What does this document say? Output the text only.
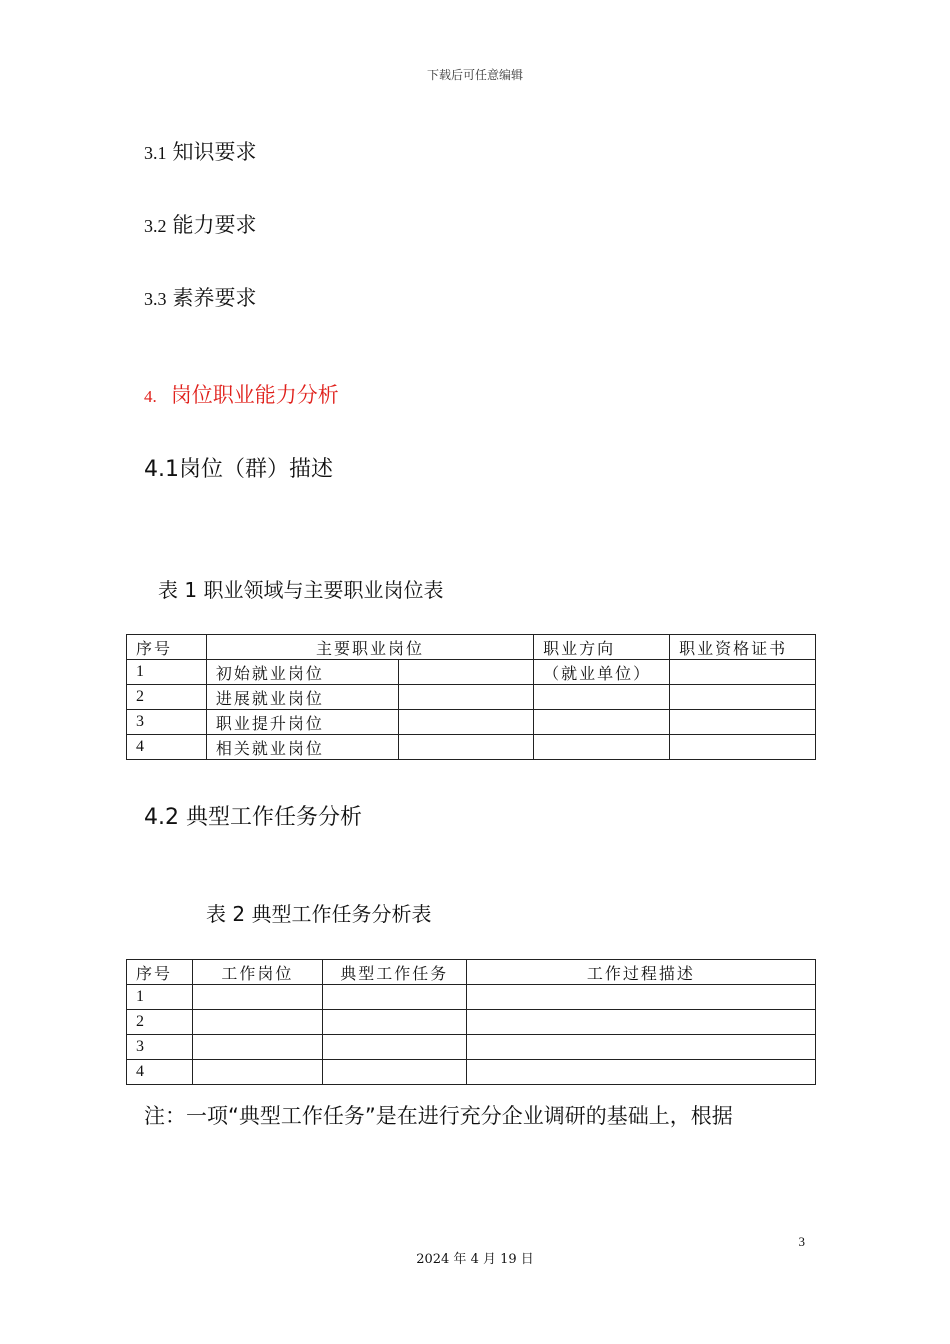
下载后可任意编辑
3.1 知识要求
3.2 能力要求
3.3 素养要求
4. 岗位职业能力分析
4.1岗位（群）描述
表 1 职业领域与主要职业岗位表
序号	主要职业岗位		职业方向	职业资格证书
1	初始就业岗位		（就业单位）	
2	进展就业岗位			
3	职业提升岗位			
4	相关就业岗位			
4.2 典型工作任务分析
表 2 典型工作任务分析表
序号	工作岗位	典型工作任务	工作过程描述
1			
2			
3			
4			
注：一项“典型工作任务”是在进行充分企业调研的基础上，根据
3
2024 年 4 月 19 日
